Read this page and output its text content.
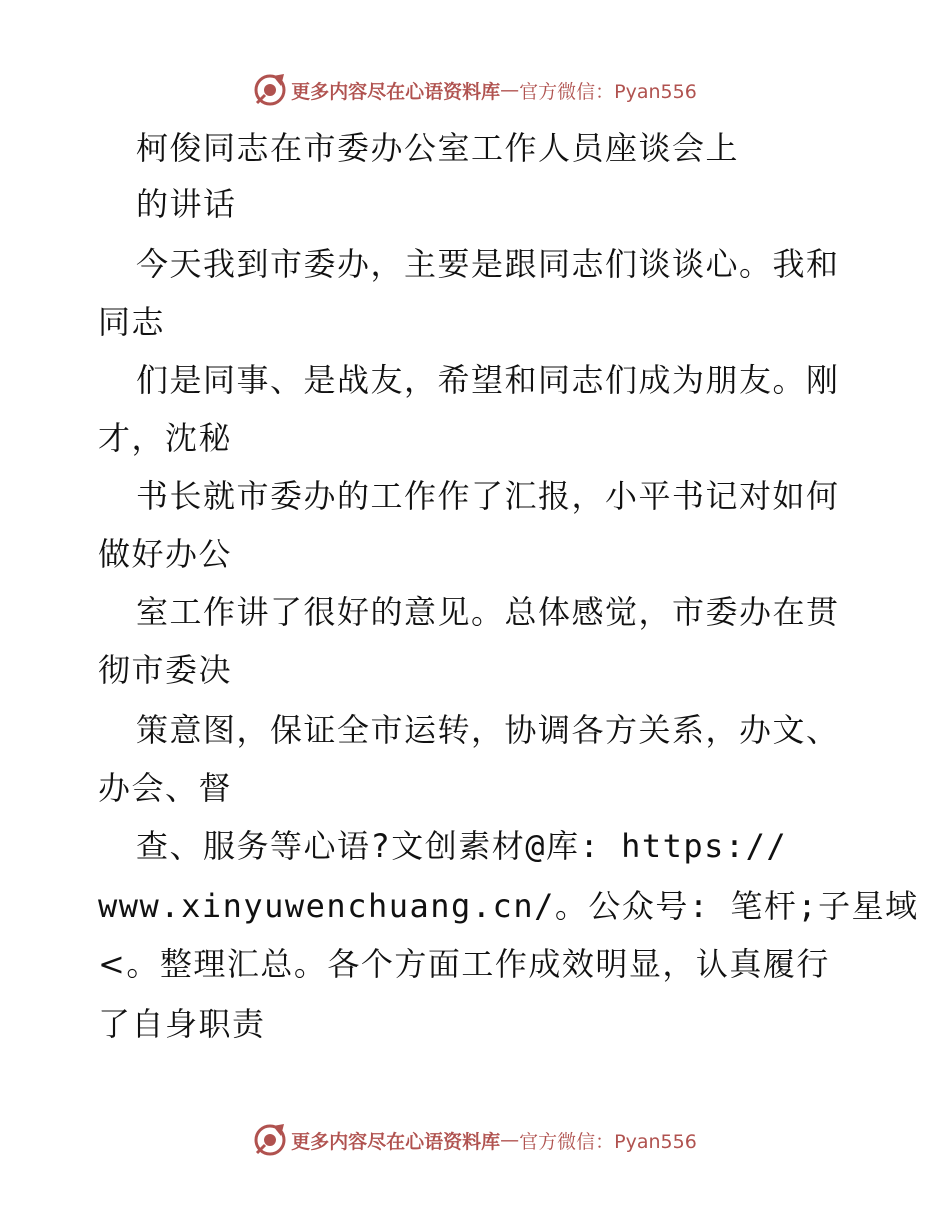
更多内容尽在心语资料库 — 官方微信：Pyan556
柯俊同志在市委办公室工作人员座谈会上
的讲话
今天我到市委办，主要是跟同志们谈谈心。我和
同志
们是同事、是战友，希望和同志们成为朋友。刚
才，沈秘
书长就市委办的工作作了汇报，小平书记对如何
做好办公
室工作讲了很好的意见。总体感觉，市委办在贯
彻市委决
策意图，保证全市运转，协调各方关系，办文、
办会、督
查、服务等心语?文创素材@库: https://
www.xinyuwenchuang.cn/。公众号: 笔杆;子星域
<。整理汇总。各个方面工作成效明显，认真履行
了自身职责
更多内容尽在心语资料库 — 官方微信：Pyan556
